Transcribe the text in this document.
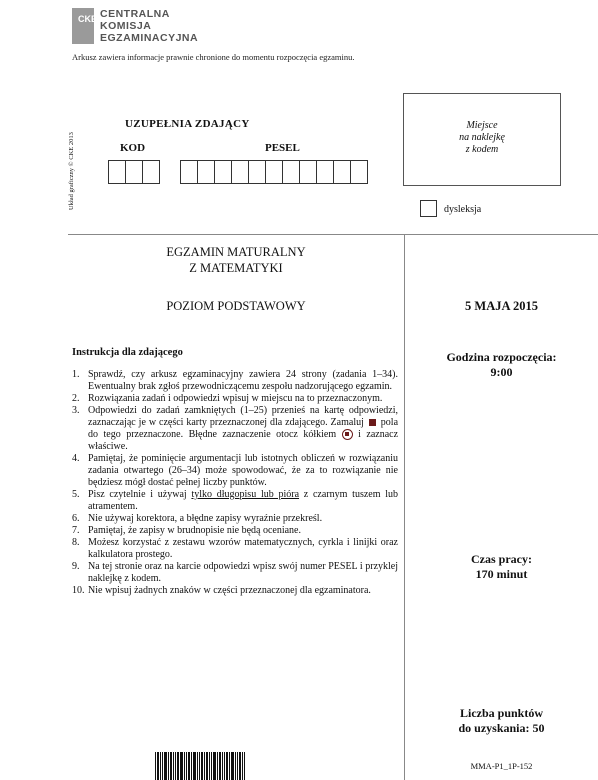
CKE CENTRALNA
KOMISJA
EGZAMINACYJNA
Arkusz zawiera informacje prawnie chronione do momentu rozpoczęcia egzaminu.
Układ graficzny © CKE 2013
UZUPEŁNIA ZDAJĄCY
KOD	PESEL
Miejsce
na naklejkę
z kodem
dysleksja
EGZAMIN MATURALNY
Z MATEMATYKI
POZIOM PODSTAWOWY	5 MAJA 2015
Instrukcja dla zdającego
1. Sprawdź, czy arkusz egzaminacyjny zawiera 24 strony (zadania 1–34). Ewentualny brak zgłoś przewodniczącemu zespołu nadzorującego egzamin.
2. Rozwiązania zadań i odpowiedzi wpisuj w miejscu na to przeznaczonym.
3. Odpowiedzi do zadań zamkniętych (1–25) przenieś na kartę odpowiedzi, zaznaczając je w części karty przeznaczonej dla zdającego. Zamaluj pola do tego przeznaczone. Błędne zaznaczenie otocz kółkiem i zaznacz właściwe.
4. Pamiętaj, że pominięcie argumentacji lub istotnych obliczeń w rozwiązaniu zadania otwartego (26–34) może spowodować, że za to rozwiązanie nie będziesz mógł dostać pełnej liczby punktów.
5. Pisz czytelnie i używaj tylko długopisu lub pióra z czarnym tuszem lub atramentem.
6. Nie używaj korektora, a błędne zapisy wyraźnie przekreśl.
7. Pamiętaj, że zapisy w brudnopisie nie będą oceniane.
8. Możesz korzystać z zestawu wzorów matematycznych, cyrkla i linijki oraz kalkulatora prostego.
9. Na tej stronie oraz na karcie odpowiedzi wpisz swój numer PESEL i przyklej naklejkę z kodem.
10. Nie wpisuj żadnych znaków w części przeznaczonej dla egzaminatora.
Godzina rozpoczęcia:
9:00
Czas pracy:
170 minut
Liczba punktów
do uzyskania: 50
MMA-P1_1P-152
